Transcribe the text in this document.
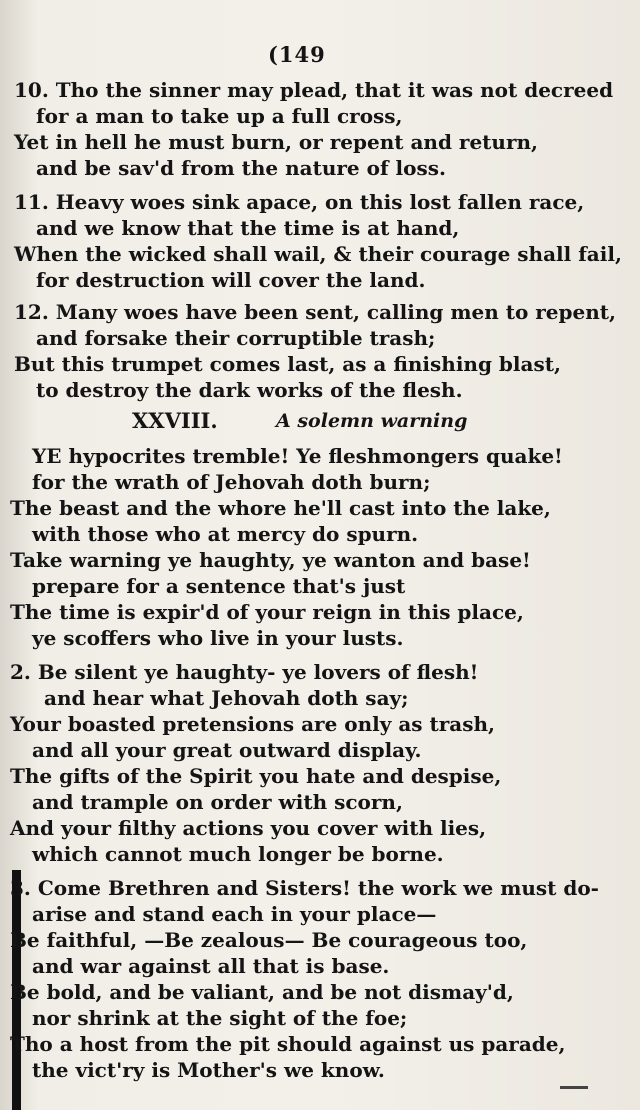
(149
10. Tho the sinner may plead, that it was not decreed
for a man to take up a full cross,
Yet in hell he must burn, or repent and return,
and be sav'd from the nature of loss.
11. Heavy woes sink apace, on this lost fallen race,
and we know that the time is at hand,
When the wicked shall wail, & their courage shall fail,
for destruction will cover the land.
12. Many woes have been sent, calling men to repent,
and forsake their corruptible trash;
But this trumpet comes last, as a finishing blast,
to destroy the dark works of the flesh.
XXVIII.	A solemn warning
YE hypocrites tremble! Ye fleshmongers quake!
for the wrath of Jehovah doth burn;
The beast and the whore he'll cast into the lake,
with those who at mercy do spurn.
Take warning ye haughty, ye wanton and base!
prepare for a sentence that's just
The time is expir'd of your reign in this place,
ye scoffers who live in your lusts.
2. Be silent ye haughty- ye lovers of flesh!
and hear what Jehovah doth say;
Your boasted pretensions are only as trash,
and all your great outward display.
The gifts of the Spirit you hate and despise,
and trample on order with scorn,
And your filthy actions you cover with lies,
which cannot much longer be borne.
3. Come Brethren and Sisters! the work we must do-
arise and stand each in your place—
Be faithful, —Be zealous— Be courageous too,
and war against all that is base.
Be bold, and be valiant, and be not dismay'd,
nor shrink at the sight of the foe;
Tho a host from the pit should against us parade,
the vict'ry is Mother's we know.
